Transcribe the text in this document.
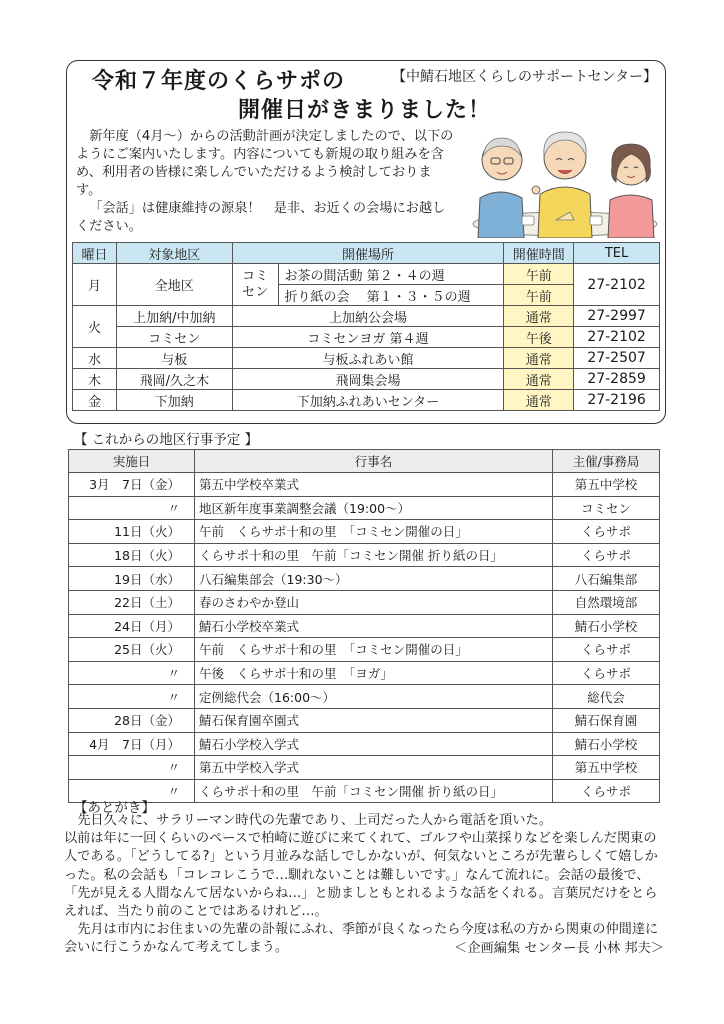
令和７年度のくらサポの	【中鯖石地区くらしのサポートセンター】
開催日がきまりました！

新年度（4月～）からの活動計画が決定しましたので、以下のようにご案内いたします。内容についても新規の取り組みを含め、利用者の皆様に楽しんでいただけるよう検討しております。

「会話」は健康維持の源泉！　是非、お近くの会場にお越しください。

曜日	対象地区	開催場所		開催時間	TEL
月	全地区	コミセン	お茶の間活動 第２・４の週	午前	27-2102
			折り紙の会　 第１・３・５の週	午前	
火	上加納/中加納	上加納公会場		通常	27-2997
	コミセン	コミセンヨガ 第４週		午後	27-2102
水	与板	与板ふれあい館		通常	27-2507
木	飛岡/久之木	飛岡集会場		通常	27-2859
金	下加納	下加納ふれあいセンター		通常	27-2196
【 これからの地区行事予定 】
実施日	行事名	主催/事務局
3月　7日（金）	第五中学校卒業式	第五中学校
〃	地区新年度事業調整会議（19:00～）	コミセン
11日（火）	午前　くらサポ十和の里　「コミセン開催の日」	くらサポ
18日（火）	くらサポ十和の里　午前「コミセン開催 折り紙の日」	くらサポ
19日（水）	八石編集部会（19:30～）	八石編集部
22日（土）	春のさわやか登山	自然環境部
24日（月）	鯖石小学校卒業式	鯖石小学校
25日（火）	午前　くらサポ十和の里　「コミセン開催の日」	くらサポ
〃	午後　くらサポ十和の里　「ヨガ」	くらサポ
〃	定例総代会（16:00～）	総代会
28日（金）	鯖石保育園卒園式	鯖石保育園
4月　7日（月）	鯖石小学校入学式	鯖石小学校
〃	第五中学校入学式	第五中学校
〃	くらサポ十和の里　午前「コミセン開催 折り紙の日」	くらサポ
【あとがき】

先日久々に、サラリーマン時代の先輩であり、上司だった人から電話を頂いた。

以前は年に一回くらいのペースで柏崎に遊びに来てくれて、ゴルフや山菜採りなどを楽しんだ関東の人である。「どうしてる?」という月並みな話しでしかないが、何気ないところが先輩らしくて嬉しかった。私の会話も「コレコレこうで…馴れないことは難しいです。」なんて流れに。会話の最後で、「先が見える人間なんて居ないからね…」と励ましともとれるような話をくれる。言葉尻だけをとらえれば、当たり前のことではあるけれど…。

先月は市内にお住まいの先輩の訃報にふれ、季節が良くなったら今度は私の方から関東の仲間達に会いに行こうかなんて考えてしまう。	＜企画編集 センター長 小林 邦夫＞
